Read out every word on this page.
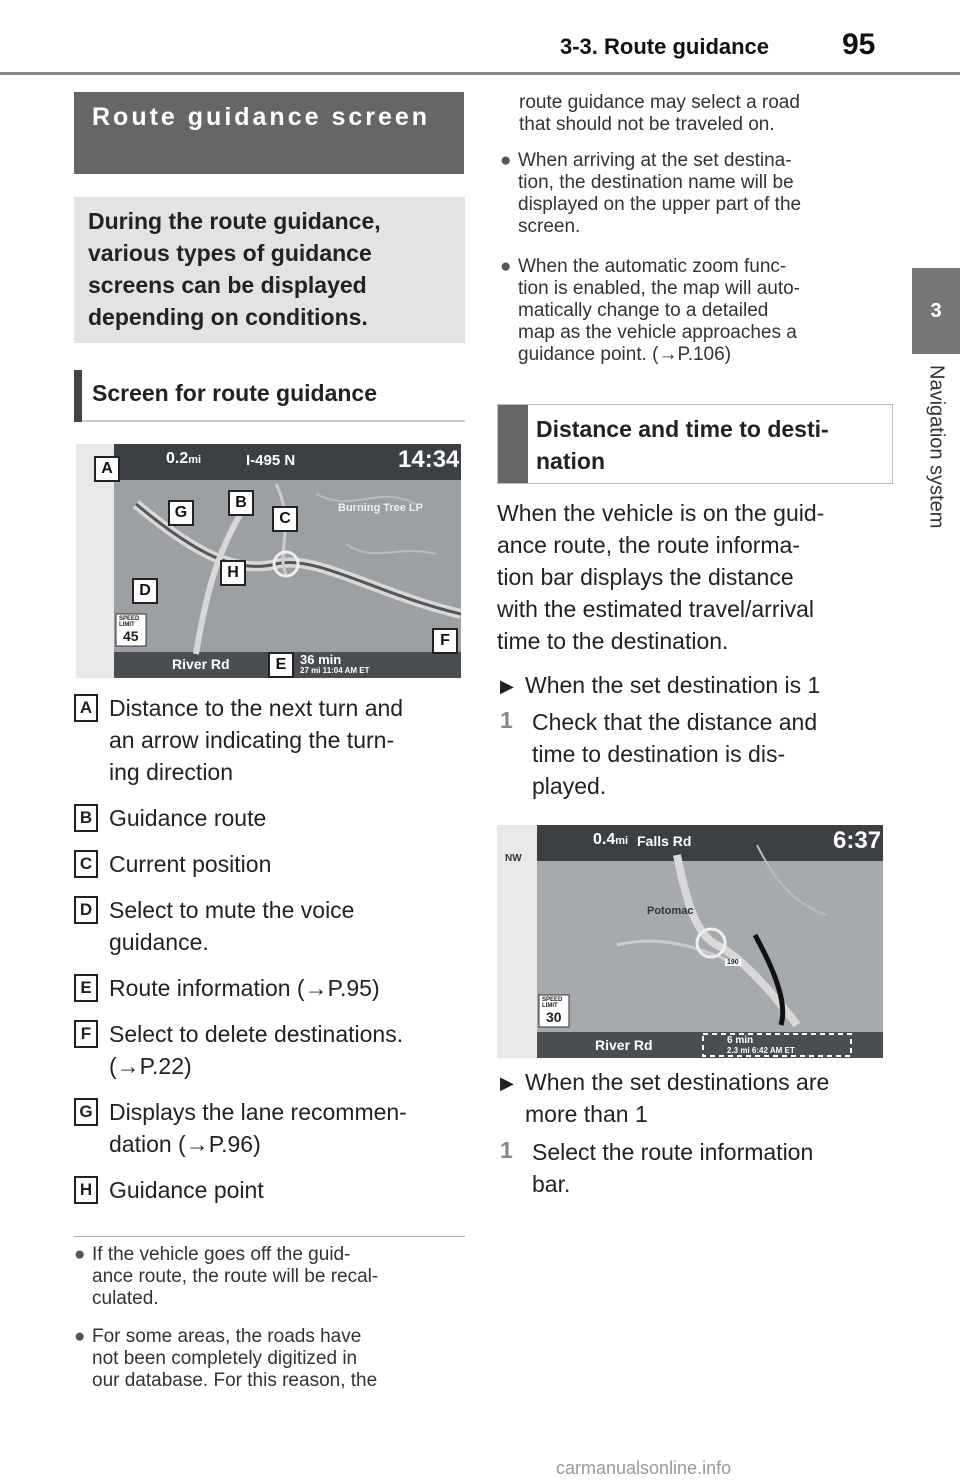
3-3. Route guidance 95
3
Navigation system
Route guidance screen
During the route guidance, various types of guidance screens can be displayed depending on conditions.
Screen for route guidance
0.2mi	I-495 N	14:34
Burning Tree LP
River Rd	36 min
27 mi 11:04 AM ET
SPEED LIMIT
45
A
B
C
D
E
F
G
H
A Distance to the next turn and
an arrow indicating the turn-
ing direction
B Guidance route
C Current position
D Select to mute the voice
guidance.
E Route information (→P.95)
F Select to delete destinations.
(→P.22)
G Displays the lane recommen-
dation (→P.96)
H Guidance point
● If the vehicle goes off the guid-
ance route, the route will be recal-
culated.
● For some areas, the roads have
not been completely digitized in
our database. For this reason, the
route guidance may select a road
that should not be traveled on.
● When arriving at the set destina-
tion, the destination name will be
displayed on the upper part of the
screen.
● When the automatic zoom func-
tion is enabled, the map will auto-
matically change to a detailed
map as the vehicle approaches a
guidance point. (→P.106)
Distance and time to desti-
nation
When the vehicle is on the guid-
ance route, the route informa-
tion bar displays the distance
with the estimated travel/arrival
time to the destination.
▶ When the set destination is 1
1 Check that the distance and
time to destination is dis-
played.
NW
0.4mi Falls Rd	6:37
Potomac
River Rd	6 min
2.3 mi 6:42 AM ET
SPEED LIMIT
30
190
▶ When the set destinations are
more than 1
1 Select the route information
bar.
carmanualsonline.info
